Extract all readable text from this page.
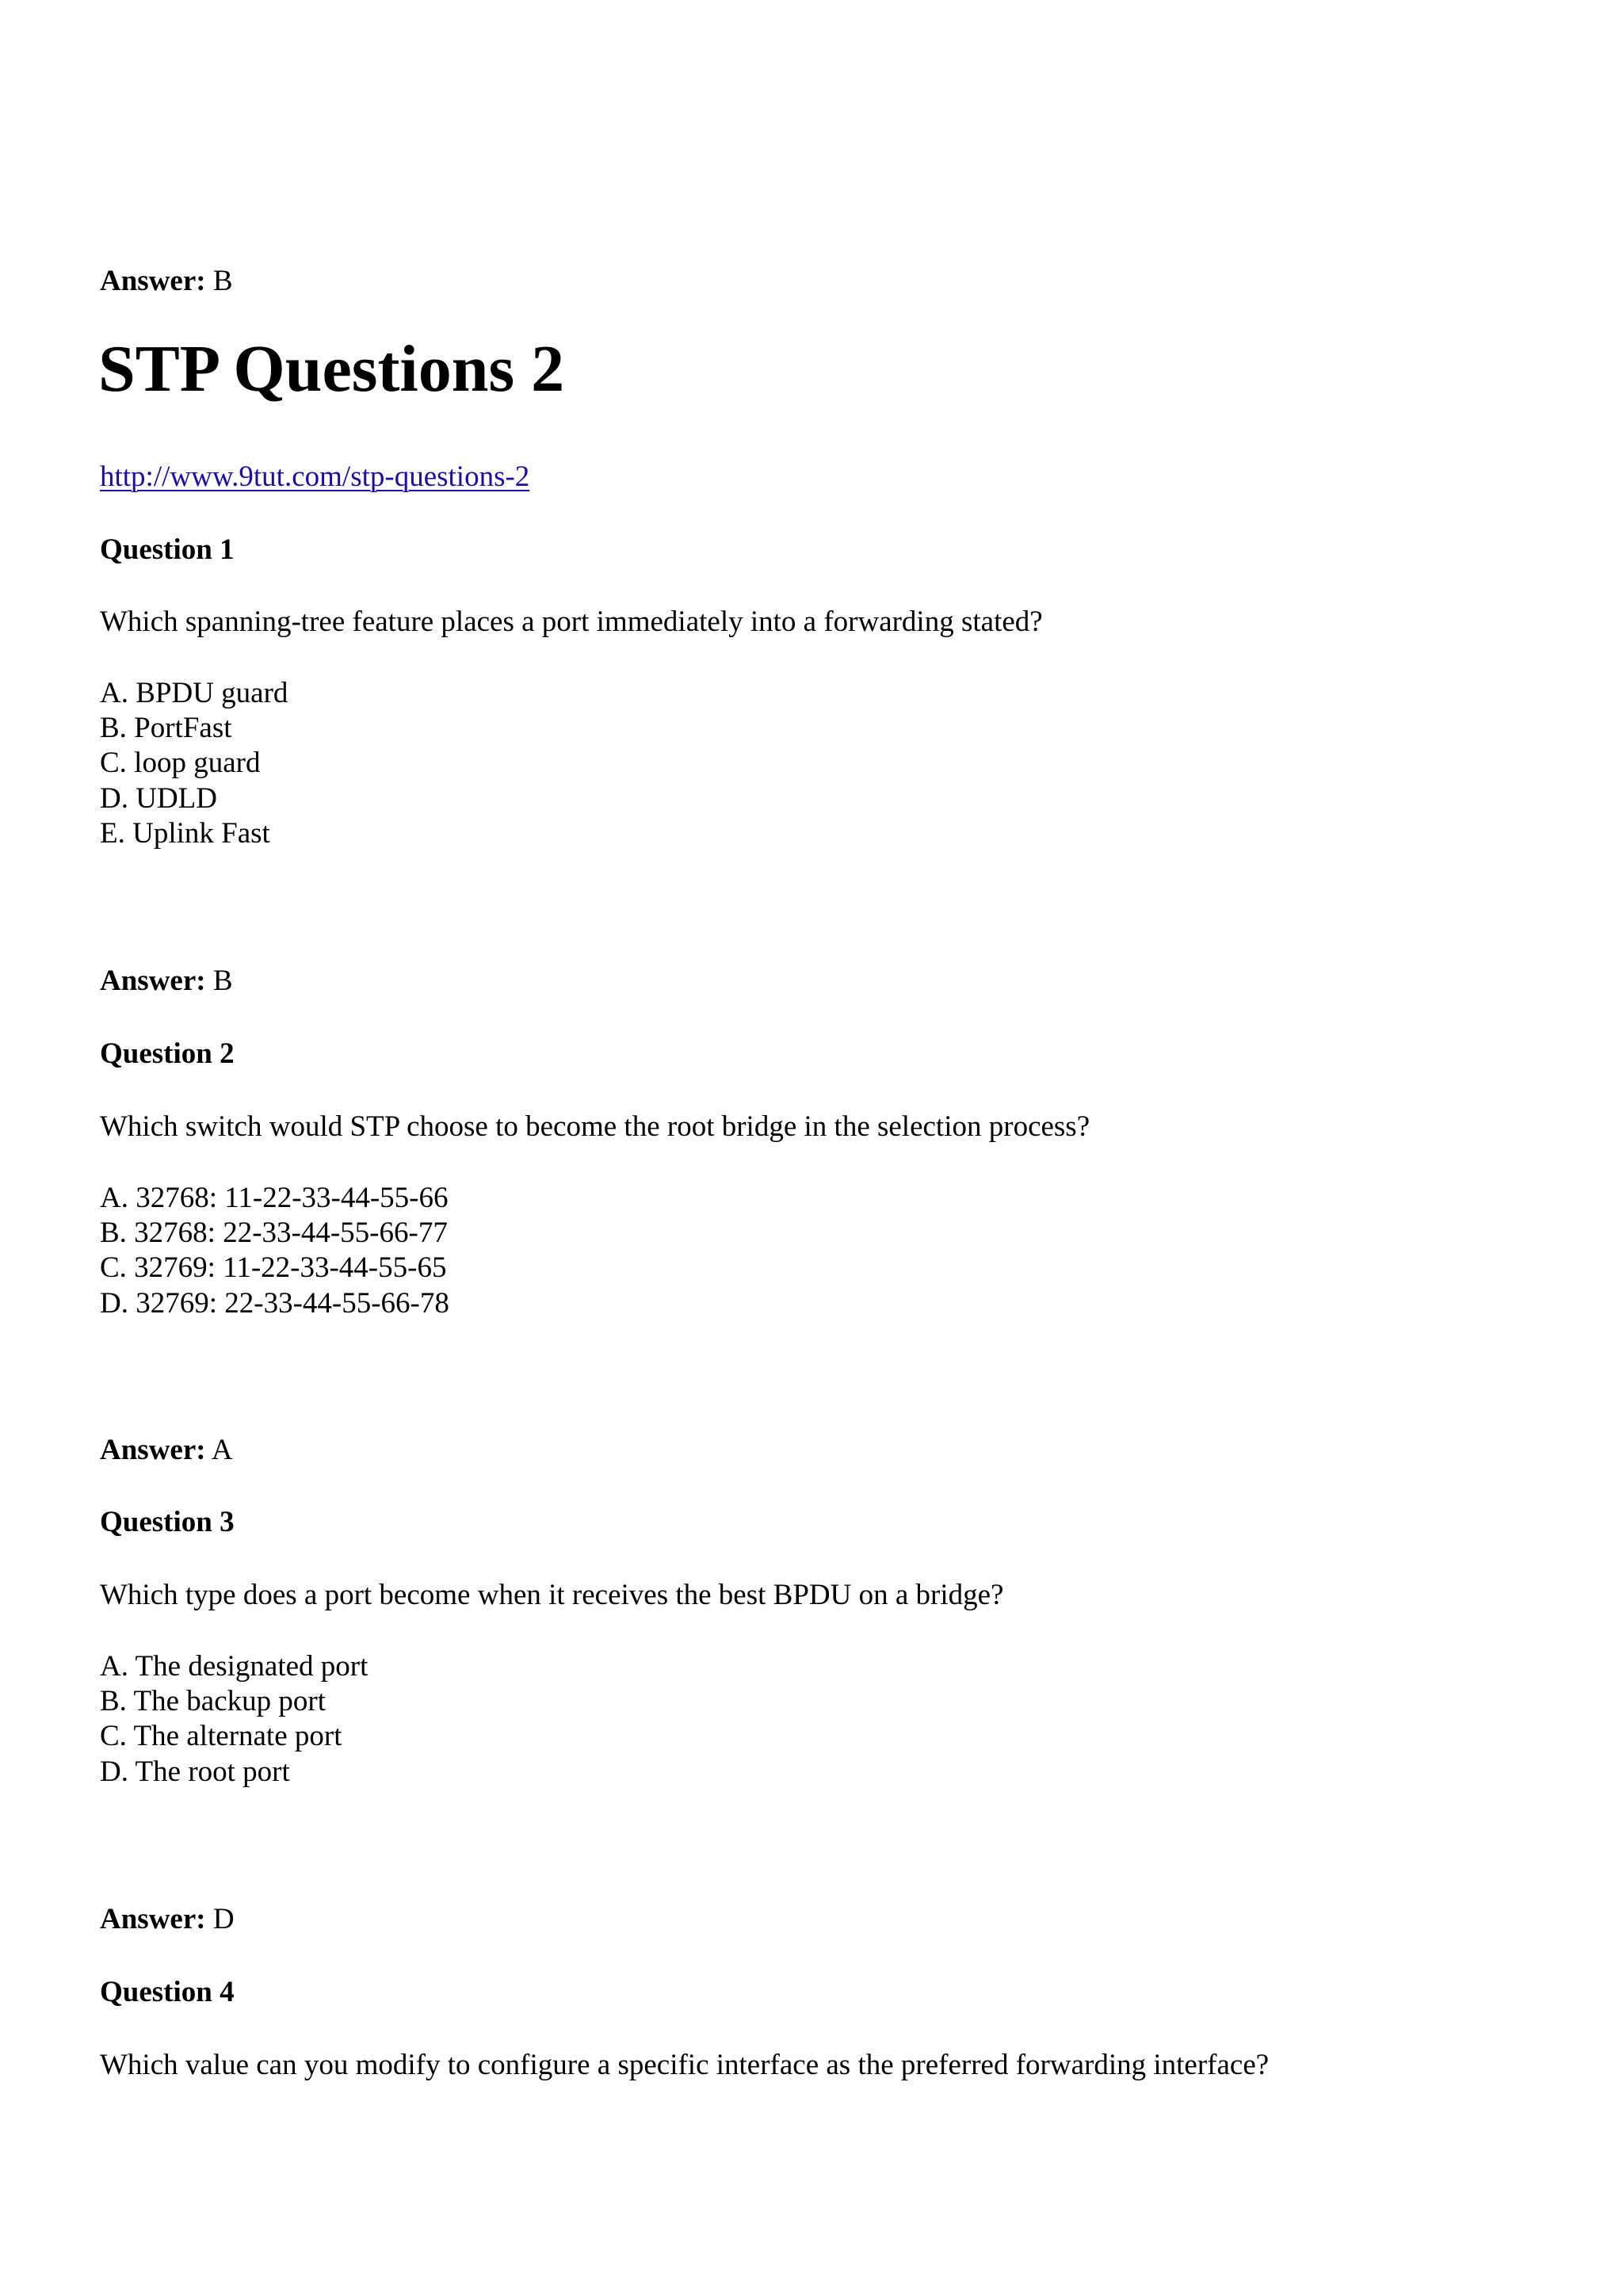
Answer: B
STP Questions 2
http://www.9tut.com/stp-questions-2
Question 1
Which spanning-tree feature places a port immediately into a forwarding stated?
A. BPDU guard
B. PortFast
C. loop guard
D. UDLD
E. Uplink Fast
Answer: B
Question 2
Which switch would STP choose to become the root bridge in the selection process?
A. 32768: 11-22-33-44-55-66
B. 32768: 22-33-44-55-66-77
C. 32769: 11-22-33-44-55-65
D. 32769: 22-33-44-55-66-78
Answer: A
Question 3
Which type does a port become when it receives the best BPDU on a bridge?
A. The designated port
B. The backup port
C. The alternate port
D. The root port
Answer: D
Question 4
Which value can you modify to configure a specific interface as the preferred forwarding interface?
